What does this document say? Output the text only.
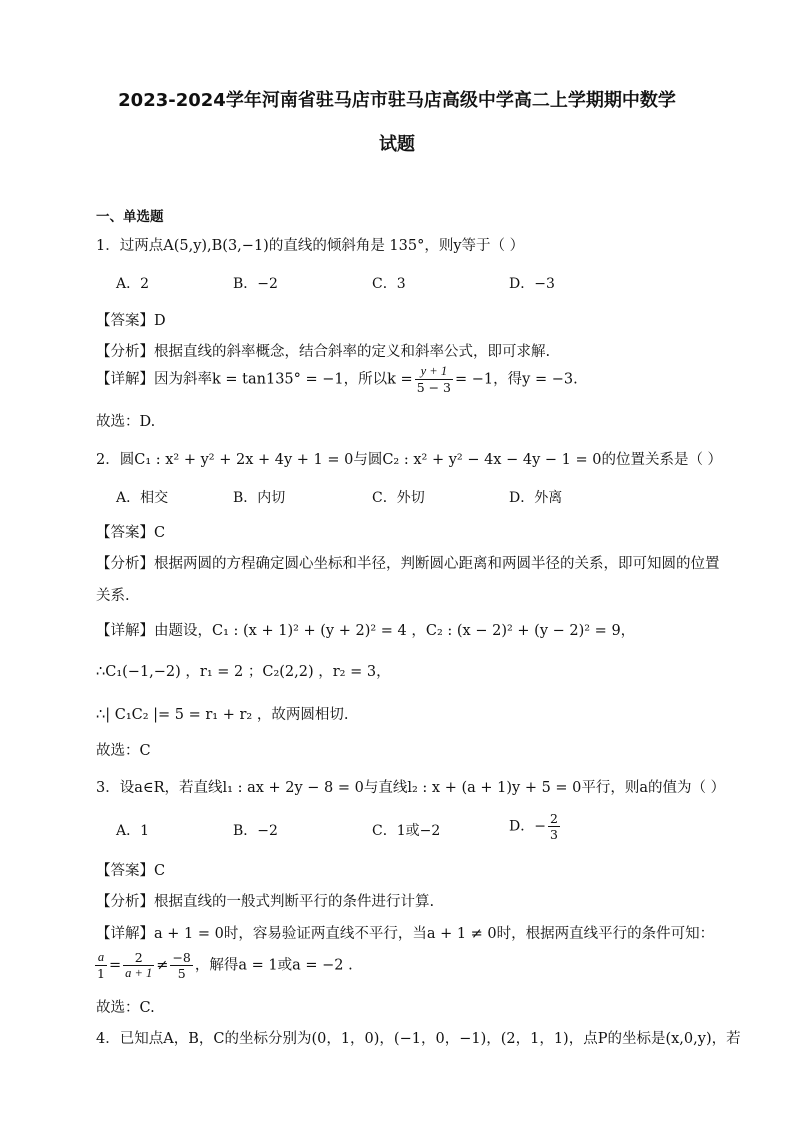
2023-2024学年河南省驻马店市驻马店高级中学高二上学期期中数学
试题
一、单选题
1．过两点A(5,y),B(3,−1)的直线的倾斜角是 135°，则y等于（ ）
A．2	B．−2	C．3	D．−3
【答案】D
【分析】根据直线的斜率概念，结合斜率的定义和斜率公式，即可求解.
【详解】因为斜率k = tan135° = −1，所以$k = \frac{y + 1}{5 - 3} = -1$，得y = −3.
故选：D.
2．圆C₁ : x² + y² + 2x + 4y + 1 = 0与圆C₂ : x² + y² − 4x − 4y − 1 = 0的位置关系是（ ）
A．相交	B．内切	C．外切	D．外离
【答案】C
【分析】根据两圆的方程确定圆心坐标和半径，判断圆心距离和两圆半径的关系，即可知圆的位置
关系.
【详解】由题设，C₁ : (x + 1)² + (y + 2)² = 4 ，C₂ : (x − 2)² + (y − 2)² = 9，
∴C₁(−1,−2) ，r₁ = 2 ；C₂(2,2) ，r₂ = 3，
∴| C₁C₂ |= 5 = r₁ + r₂ ，故两圆相切.
故选：C
3．设a∈R，若直线l₁ : ax + 2y − 8 = 0与直线l₂ : x + (a + 1)y + 5 = 0平行，则a的值为（ ）
A．1	B．−2	C．1或−2	D．− $\frac{2}{3}$
【答案】C
【分析】根据直线的一般式判断平行的条件进行计算.
【详解】a + 1 = 0时，容易验证两直线不平行，当a + 1 ≠ 0时，根据两直线平行的条件可知：
$\frac{a}{1} = \frac{2}{a + 1} \ne \frac{-8}{5}$ ，解得a = 1或a = −2 .
故选：C.
4．已知点A，B，C的坐标分别为(0，1，0)，(−1，0，−1)，(2，1，1)，点P的坐标是(x,0,y)，若
